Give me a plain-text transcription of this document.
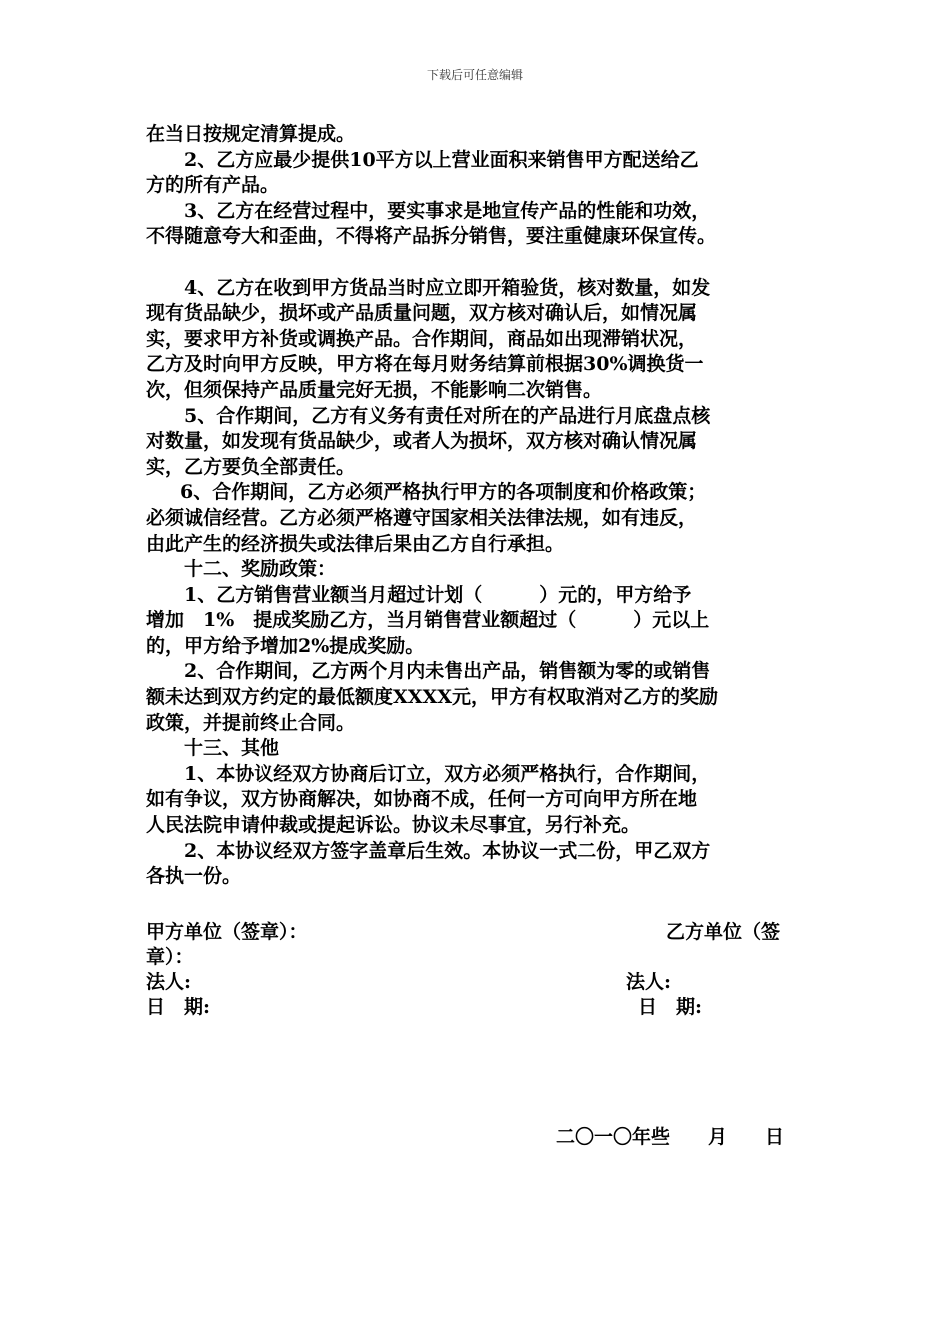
下载后可任意编辑

在当日按规定清算提成。

2、乙方应最少提供10平方以上营业面积来销售甲方配送给乙

方的所有产品。

3、乙方在经营过程中，要实事求是地宣传产品的性能和功效，

不得随意夸大和歪曲，不得将产品拆分销售，要注重健康环保宣传。

4、乙方在收到甲方货品当时应立即开箱验货，核对数量，如发

现有货品缺少，损坏或产品质量问题，双方核对确认后，如情况属

实，要求甲方补货或调换产品。合作期间，商品如出现滞销状况，

乙方及时向甲方反映，甲方将在每月财务结算前根据30%调换货一

次，但须保持产品质量完好无损，不能影响二次销售。

5、合作期间，乙方有义务有责任对所在的产品进行月底盘点核

对数量，如发现有货品缺少，或者人为损坏，双方核对确认情况属

实，乙方要负全部责任。

6、合作期间，乙方必须严格执行甲方的各项制度和价格政策；

必须诚信经营。乙方必须严格遵守国家相关法律法规，如有违反，

由此产生的经济损失或法律后果由乙方自行承担。

十二、奖励政策：

1、乙方销售营业额当月超过计划（　　　）元的，甲方给予

增加　1%　提成奖励乙方，当月销售营业额超过（　　　）元以上

的，甲方给予增加2%提成奖励。

2、合作期间，乙方两个月内未售出产品，销售额为零的或销售

额未达到双方约定的最低额度XXXX元，甲方有权取消对乙方的奖励

政策，并提前终止合同。

十三、其他

1、本协议经双方协商后订立，双方必须严格执行，合作期间，

如有争议，双方协商解决，如协商不成，任何一方可向甲方所在地

人民法院申请仲裁或提起诉讼。协议未尽事宜，另行补充。

2、本协议经双方签字盖章后生效。本协议一式二份，甲乙双方

各执一份。

甲方单位（签章）：	乙方单位（签
章）：
法人:	法人:
日　期:	日　期:
二〇一〇年些　　月　　日
